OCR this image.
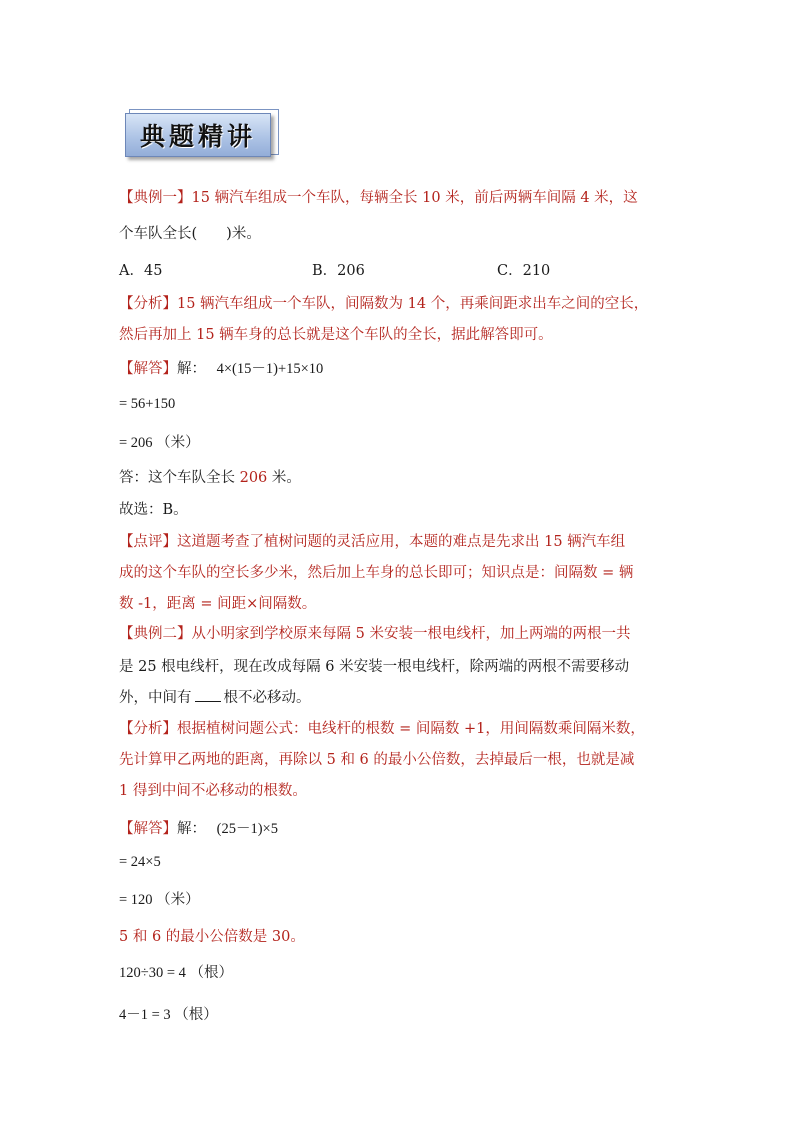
典题精讲
【典例一】15 辆汽车组成一个车队，每辆全长 10 米，前后两辆车间隔 4 米，这
个车队全长(　　)米。
A．45	B．206	C．210
【分析】15 辆汽车组成一个车队，间隔数为 14 个，再乘间距求出车之间的空长，
然后再加上 15 辆车身的总长就是这个车队的全长，据此解答即可。
【解答】解： 4×(15－1)+15×10
= 56+150
= 206 （米）
答：这个车队全长 206 米。
故选：B。
【点评】这道题考查了植树问题的灵活应用，本题的难点是先求出 15 辆汽车组
成的这个车队的空长多少米，然后加上车身的总长即可；知识点是：间隔数 = 辆
数 -1，距离 = 间距×间隔数。
【典例二】从小明家到学校原来每隔 5 米安装一根电线杆，加上两端的两根一共
是 25 根电线杆，现在改成每隔 6 米安装一根电线杆，除两端的两根不需要移动
外，中间有 根不必移动。
【分析】根据植树问题公式：电线杆的根数 = 间隔数 +1，用间隔数乘间隔米数，
先计算甲乙两地的距离，再除以 5 和 6 的最小公倍数，去掉最后一根，也就是减
1 得到中间不必移动的根数。
【解答】解： (25－1)×5
= 24×5
= 120 （米）
5 和 6 的最小公倍数是 30。
120÷30 = 4 （根）
4－1 = 3 （根）
